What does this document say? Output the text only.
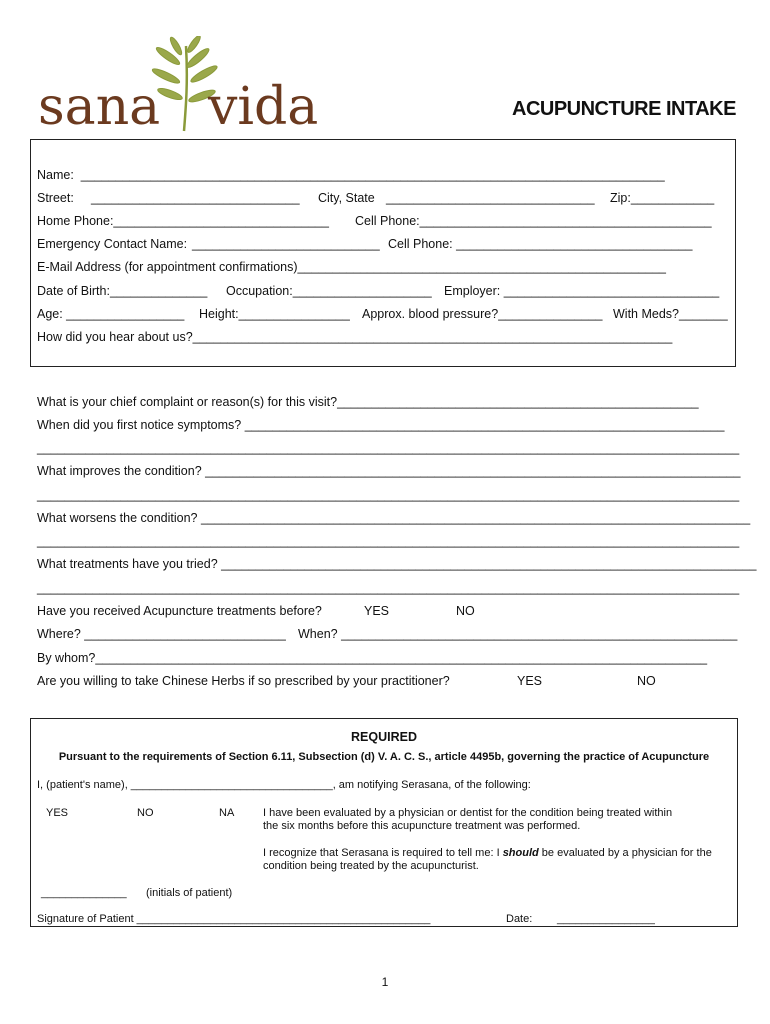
sana vida	ACUPUNCTURE INTAKE
Name:  ____________________________________________________________________________________
Street: ______________________________ City, State ______________________________ Zip:____________
Home Phone:_______________________________ Cell Phone:__________________________________________
Emergency Contact Name: ___________________________ Cell Phone: __________________________________
E-Mail Address (for appointment confirmations)_____________________________________________________
Date of Birth:______________ Occupation:____________________ Employer: _______________________________
Age: _________________ Height:________________ Approx. blood pressure?_______________ With Meds?_______
How did you hear about us?_____________________________________________________________________
What is your chief complaint or reason(s) for this visit?____________________________________________________
When did you first notice symptoms? _____________________________________________________________________
_____________________________________________________________________________________________________
What improves the condition? _____________________________________________________________________________
_____________________________________________________________________________________________________
What worsens the condition? _______________________________________________________________________________
_____________________________________________________________________________________________________
What treatments have you tried? _____________________________________________________________________________
_____________________________________________________________________________________________________
Have you received Acupuncture treatments before?	YES	NO
Where? _____________________________ When? _________________________________________________________
By whom?________________________________________________________________________________________
Are you willing to take Chinese Herbs if so prescribed by your practitioner?	YES	NO
REQUIRED
Pursuant to the requirements of Section 6.11, Subsection (d) V. A. C. S., article 4495b, governing the practice of Acupuncture
I, (patient's name), _________________________________, am notifying Serasana, of the following:
YES	NO	NA	I have been evaluated by a physician or dentist for the condition being treated within
the six months before this acupuncture treatment was performed.
I recognize that Serasana is required to tell me: I should be evaluated by a physician for the
condition being treated by the acupuncturist.
______________ (initials of patient)
Signature of Patient ________________________________________________	Date: ________________
1
